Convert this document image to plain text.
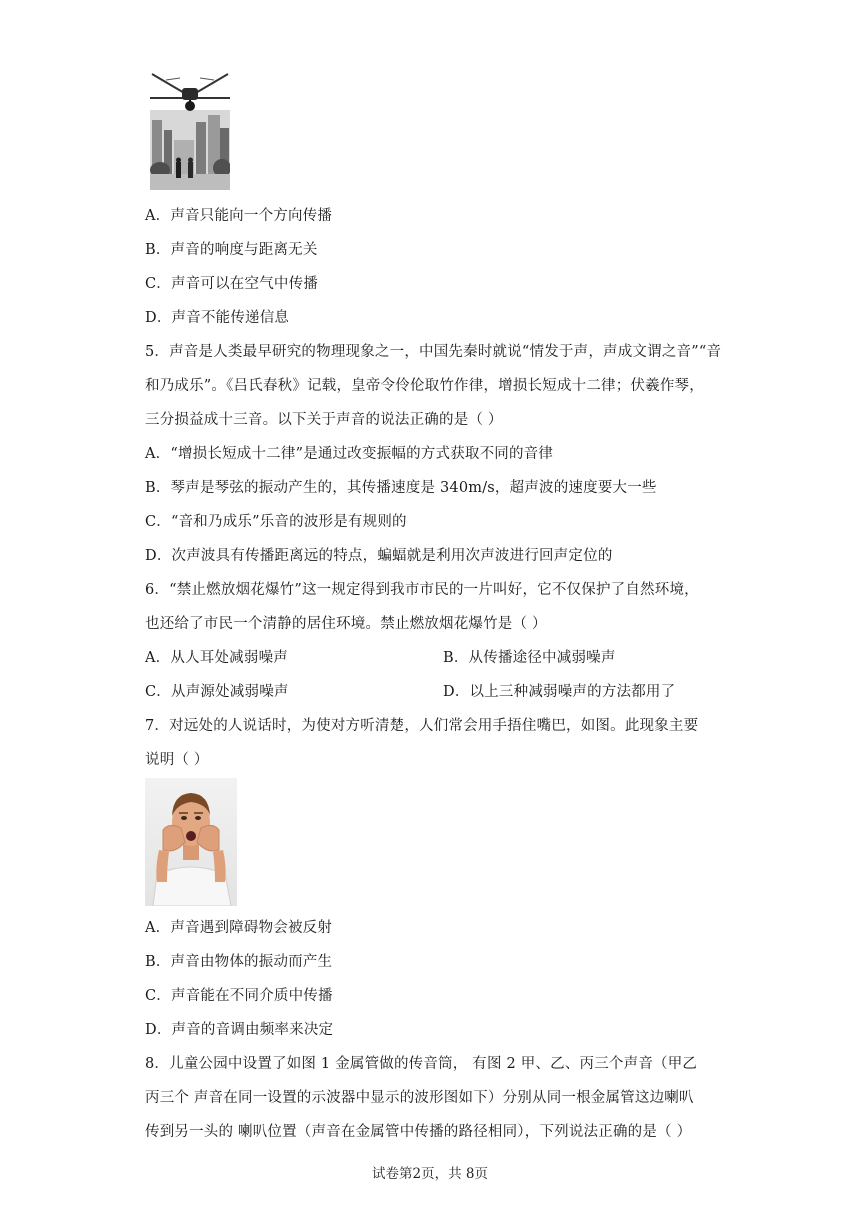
A．声音只能向一个方向传播
B．声音的响度与距离无关
C．声音可以在空气中传播
D．声音不能传递信息
5．声音是人类最早研究的物理现象之一，中国先秦时就说“情发于声，声成文谓之音”“音
和乃成乐”。《吕氏春秋》记载，皇帝令伶伦取竹作律，增损长短成十二律；伏羲作琴，
三分损益成十三音。以下关于声音的说法正确的是（ ）
A．“增损长短成十二律”是通过改变振幅的方式获取不同的音律
B．琴声是琴弦的振动产生的，其传播速度是 340m/s，超声波的速度要大一些
C．“音和乃成乐”乐音的波形是有规则的
D．次声波具有传播距离远的特点，蝙蝠就是利用次声波进行回声定位的
6．“禁止燃放烟花爆竹”这一规定得到我市市民的一片叫好，它不仅保护了自然环境，
也还给了市民一个清静的居住环境。禁止燃放烟花爆竹是（ ）
A．从人耳处减弱噪声	B．从传播途径中减弱噪声
C．从声源处减弱噪声	D．以上三种减弱噪声的方法都用了
7．对远处的人说话时，为使对方听清楚，人们常会用手捂住嘴巴，如图。此现象主要
说明（ ）
A．声音遇到障碍物会被反射
B．声音由物体的振动而产生
C．声音能在不同介质中传播
D．声音的音调由频率来决定
8．儿童公园中设置了如图 1 金属管做的传音筒， 有图 2 甲、乙、丙三个声音（甲乙
丙三个 声音在同一设置的示波器中显示的波形图如下）分别从同一根金属管这边喇叭
传到另一头的 喇叭位置（声音在金属管中传播的路径相同），下列说法正确的是（ ）
试卷第2页，共 8页
